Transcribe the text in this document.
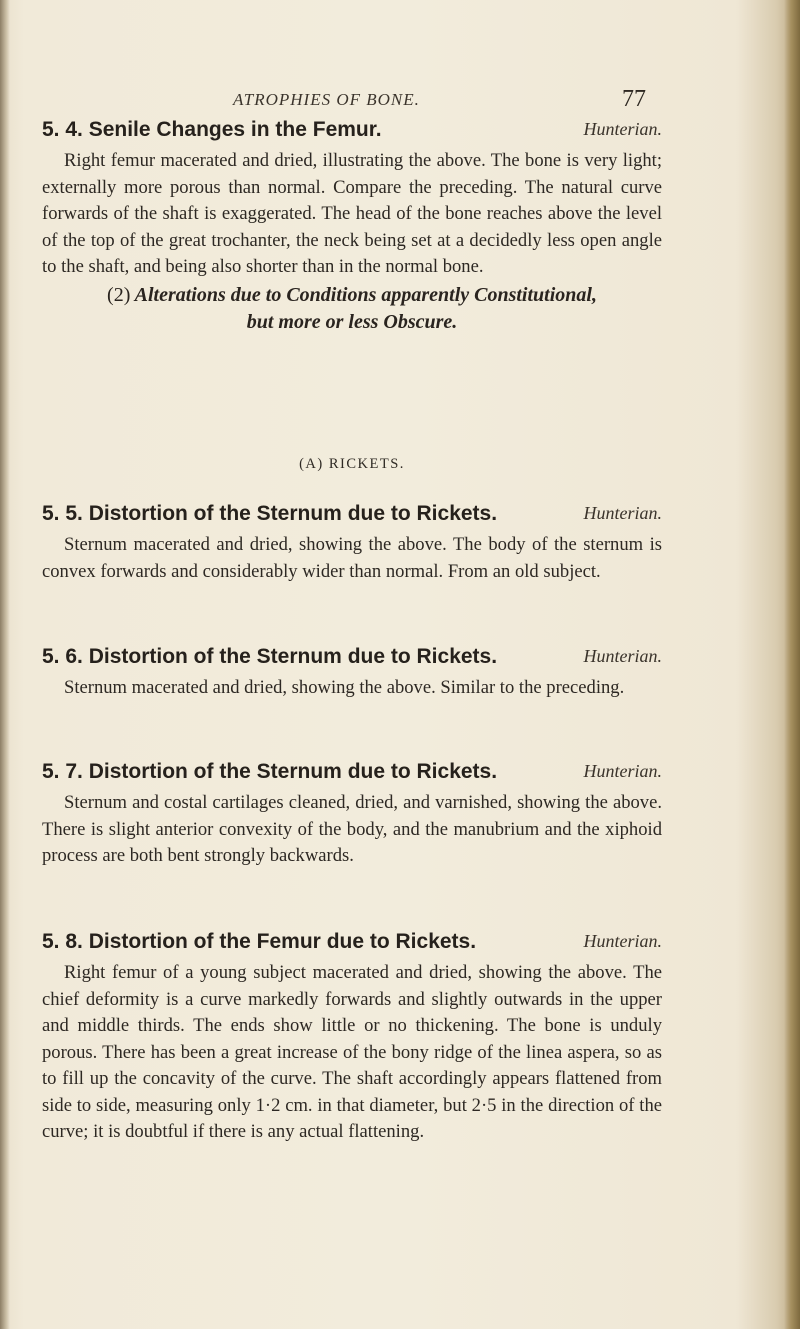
ATROPHIES OF BONE.	77
5. 4. Senile Changes in the Femur.	Hunterian.

Right femur macerated and dried, illustrating the above. The bone is very light; externally more porous than normal. Compare the preceding. The natural curve forwards of the shaft is exaggerated. The head of the bone reaches above the level of the top of the great trochanter, the neck being set at a decidedly less open angle to the shaft, and being also shorter than in the normal bone.

(2) Alterations due to Conditions apparently Constitutional,
but more or less Obscure.
(A) RICKETS.
5. 5. Distortion of the Sternum due to Rickets.	Hunterian.

Sternum macerated and dried, showing the above. The body of the sternum is convex forwards and considerably wider than normal. From an old subject.

5. 6. Distortion of the Sternum due to Rickets.	Hunterian.

Sternum macerated and dried, showing the above. Similar to the preceding.

5. 7. Distortion of the Sternum due to Rickets.	Hunterian.

Sternum and costal cartilages cleaned, dried, and varnished, showing the above. There is slight anterior convexity of the body, and the manubrium and the xiphoid process are both bent strongly backwards.

5. 8. Distortion of the Femur due to Rickets.	Hunterian.

Right femur of a young subject macerated and dried, showing the above. The chief deformity is a curve markedly forwards and slightly outwards in the upper and middle thirds. The ends show little or no thickening. The bone is unduly porous. There has been a great increase of the bony ridge of the linea aspera, so as to fill up the concavity of the curve. The shaft accordingly appears flattened from side to side, measuring only 1·2 cm. in that diameter, but 2·5 in the direction of the curve; it is doubtful if there is any actual flattening.
